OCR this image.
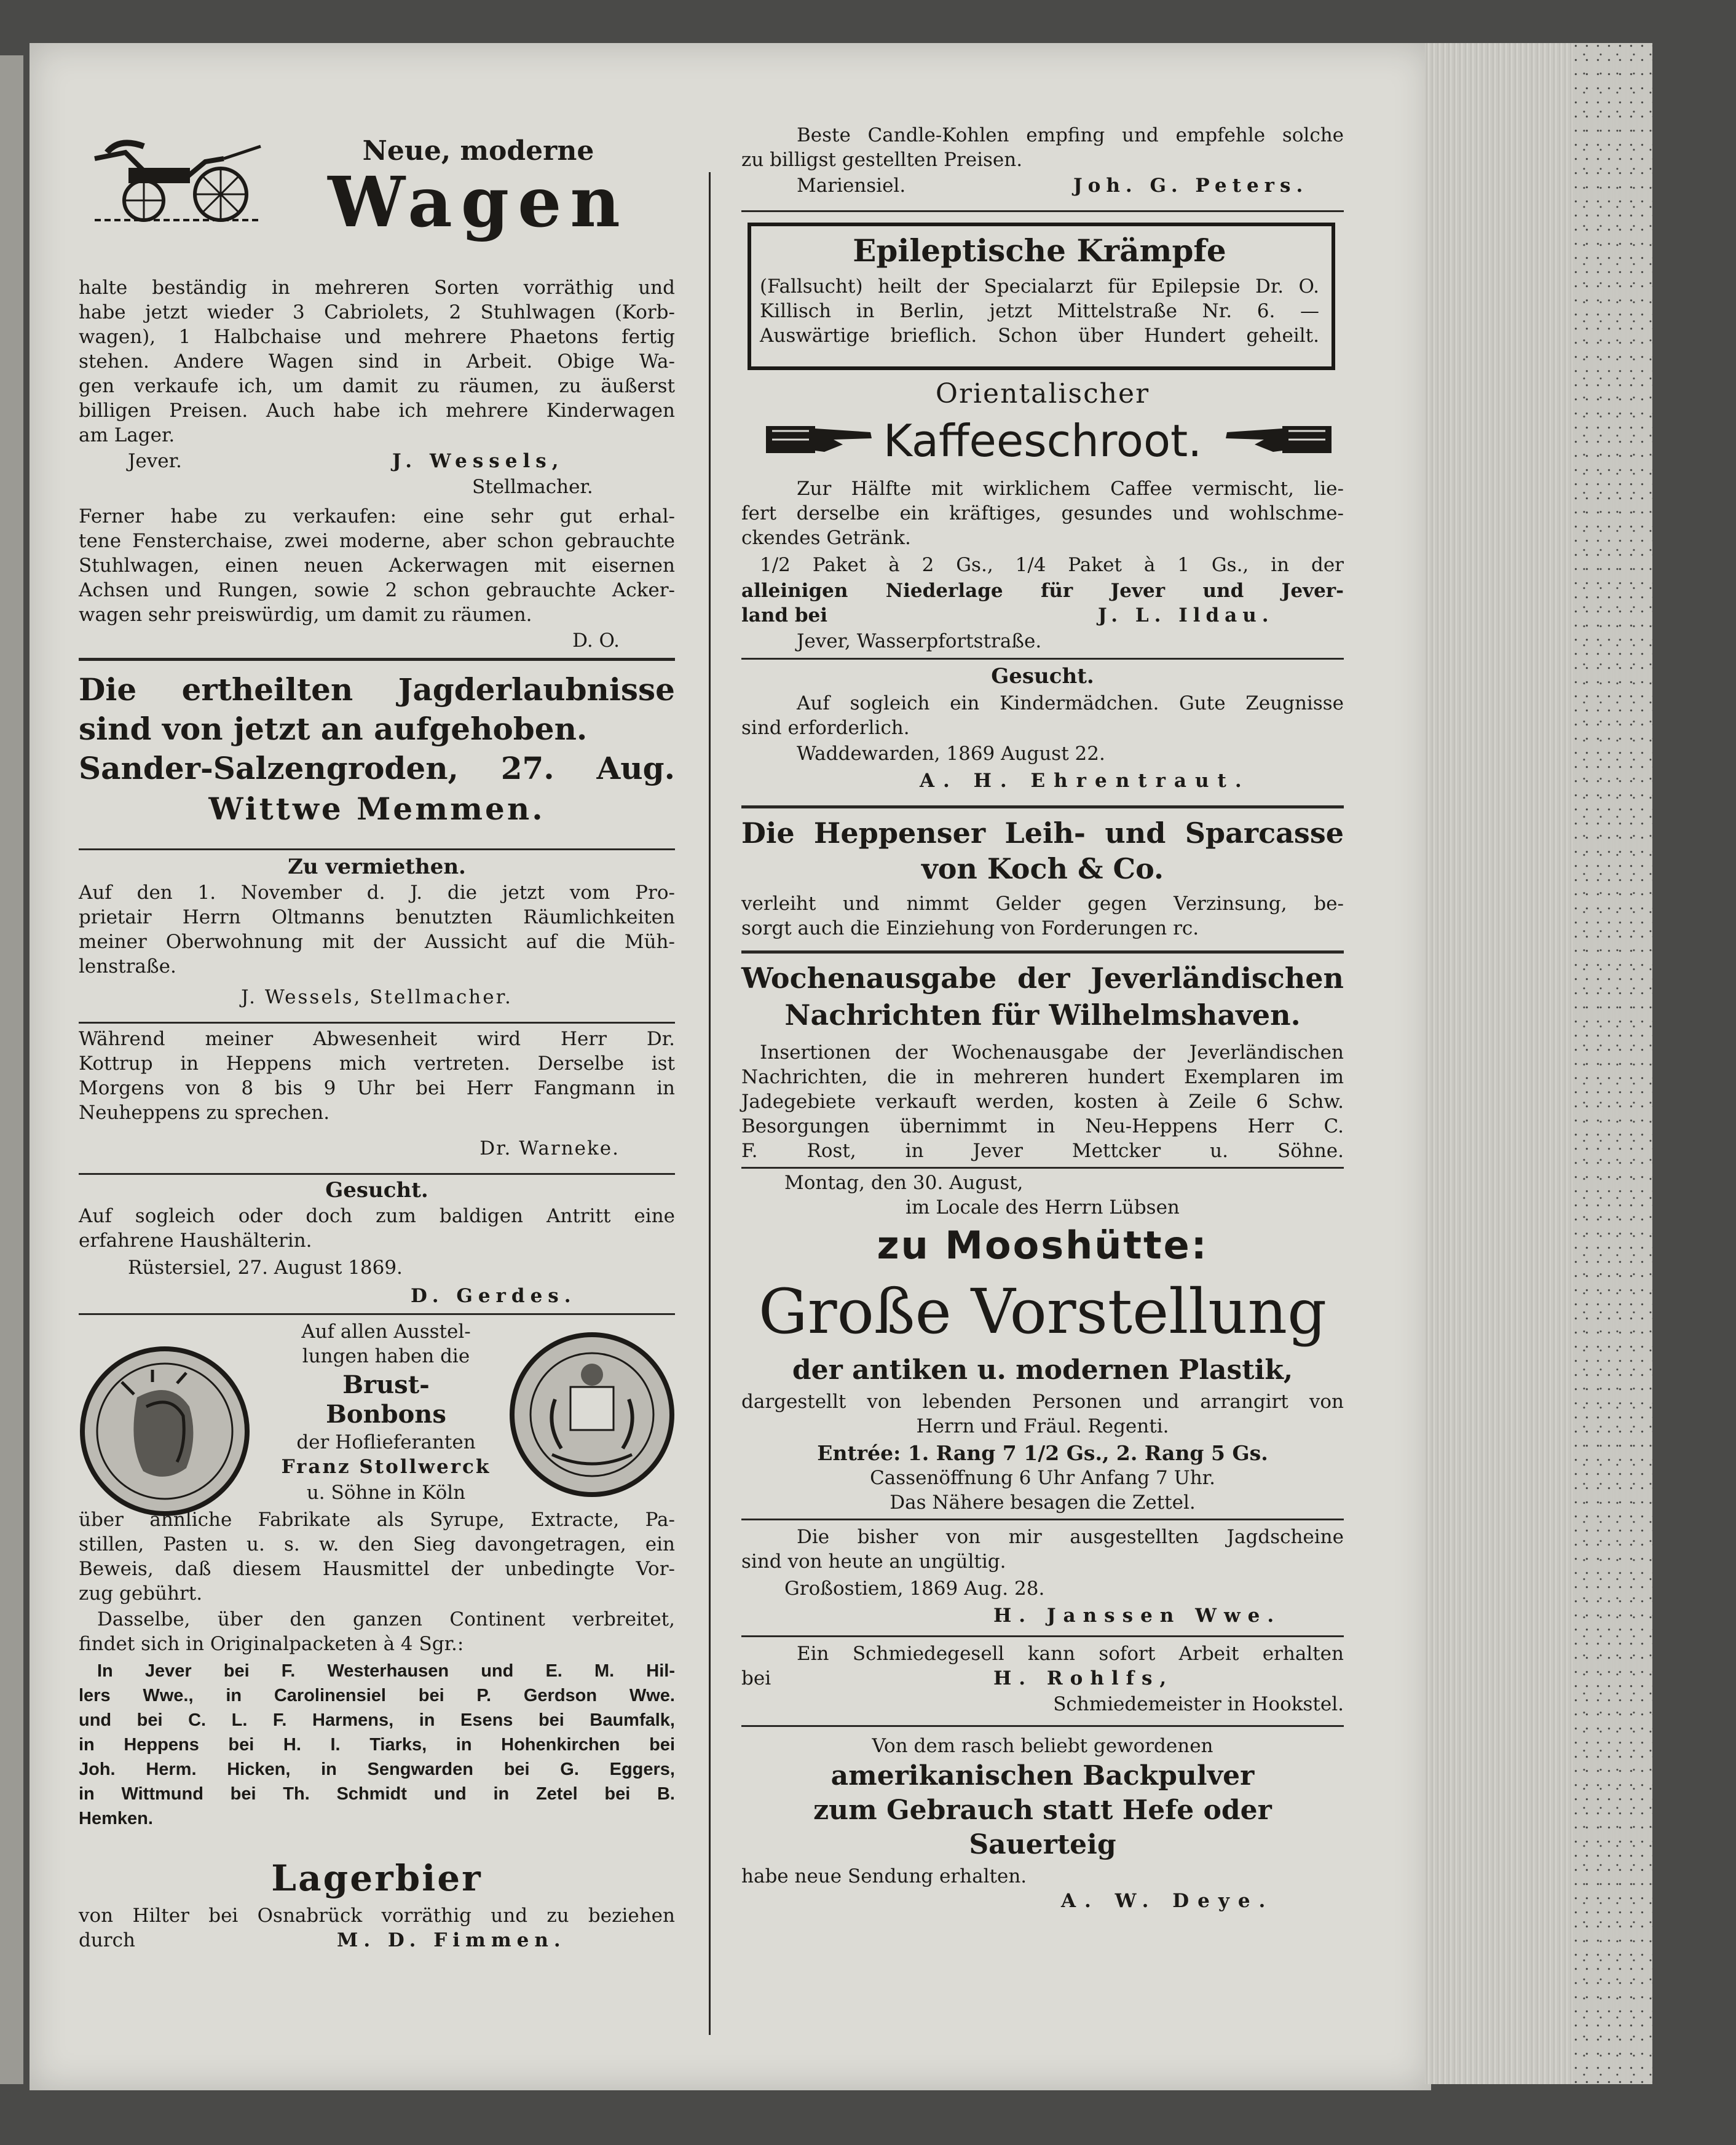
Neue, moderne
Wagen
halte beständig in mehreren Sorten vorräthig und
habe jetzt wieder 3 Cabriolets, 2 Stuhlwagen (Korb-
wagen), 1 Halbchaise und mehrere Phaetons fertig
stehen. Andere Wagen sind in Arbeit. Obige Wa-
gen verkaufe ich, um damit zu räumen, zu äußerst
billigen Preisen. Auch habe ich mehrere Kinderwagen
am Lager.
Jever.	J. Wessels,
Stellmacher.
Ferner habe zu verkaufen: eine sehr gut erhal-
tene Fensterchaise, zwei moderne, aber schon gebrauchte
Stuhlwagen, einen neuen Ackerwagen mit eisernen
Achsen und Rungen, sowie 2 schon gebrauchte Acker-
wagen sehr preiswürdig, um damit zu räumen.
D. O.
Die ertheilten Jagderlaubnisse
sind von jetzt an aufgehoben.
Sander-Salzengroden, 27. Aug.
Wittwe Memmen.
Zu vermiethen.
Auf den 1. November d. J. die jetzt vom Pro-
prietair Herrn Oltmanns benutzten Räumlichkeiten
meiner Oberwohnung mit der Aussicht auf die Müh-
lenstraße.
J. Wessels, Stellmacher.
Während meiner Abwesenheit wird Herr Dr.
Kottrup in Heppens mich vertreten. Derselbe ist
Morgens von 8 bis 9 Uhr bei Herr Fangmann in
Neuheppens zu sprechen.
Dr. Warneke.
Gesucht.
Auf sogleich oder doch zum baldigen Antritt eine
erfahrene Haushälterin.
Rüstersiel, 27. August 1869.
D. Gerdes.
Auf allen Ausstel-
lungen haben die
Brust-
Bonbons
der Hoflieferanten
Franz Stollwerck
u. Söhne in Köln
über ähnliche Fabrikate als Syrupe, Extracte, Pa-
stillen, Pasten u. s. w. den Sieg davongetragen, ein
Beweis, daß diesem Hausmittel der unbedingte Vor-
zug gebührt.
Dasselbe, über den ganzen Continent verbreitet,
findet sich in Originalpacketen à 4 Sgr.:
In Jever bei F. Westerhausen und E. M. Hil-
lers Wwe., in Carolinensiel bei P. Gerdson Wwe.
und bei C. L. F. Harmens, in Esens bei Baumfalk,
in Heppens bei H. I. Tiarks, in Hohenkirchen bei
Joh. Herm. Hicken, in Sengwarden bei G. Eggers,
in Wittmund bei Th. Schmidt und in Zetel bei B.
Hemken.
Lagerbier
von Hilter bei Osnabrück vorräthig und zu beziehen
durch	M. D. Fimmen.
Beste Candle-Kohlen empfing und empfehle solche
zu billigst gestellten Preisen.
Mariensiel.	Joh. G. Peters.
Epileptische Krämpfe
(Fallsucht) heilt der Specialarzt für Epilepsie Dr. O.
Killisch in Berlin, jetzt Mittelstraße Nr. 6. —
Auswärtige brieflich. Schon über Hundert geheilt.
Orientalischer
Kaffeeschroot.
Zur Hälfte mit wirklichem Caffee vermischt, lie-
fert derselbe ein kräftiges, gesundes und wohlschme-
ckendes Getränk.
1/2 Paket à 2 Gs., 1/4 Paket à 1 Gs., in der
alleinigen Niederlage für Jever und Jever-
land bei	J. L. Ildau.
Jever, Wasserpfortstraße.
Gesucht.
Auf sogleich ein Kindermädchen. Gute Zeugnisse
sind erforderlich.
Waddewarden, 1869 August 22.
A. H. Ehrentraut.
Die Heppenser Leih- und Sparcasse
von Koch & Co.
verleiht und nimmt Gelder gegen Verzinsung, be-
sorgt auch die Einziehung von Forderungen rc.
Wochenausgabe der Jeverländischen
Nachrichten für Wilhelmshaven.
Insertionen der Wochenausgabe der Jeverländischen
Nachrichten, die in mehreren hundert Exemplaren im
Jadegebiete verkauft werden, kosten à Zeile 6 Schw.
Besorgungen übernimmt in Neu-Heppens Herr C.
F. Rost, in Jever Mettcker u. Söhne.
Montag, den 30. August,
im Locale des Herrn Lübsen
zu Mooshütte:
Große Vorstellung
der antiken u. modernen Plastik,
dargestellt von lebenden Personen und arrangirt von
Herrn und Fräul. Regenti.
Entrée: 1. Rang 7 1/2 Gs., 2. Rang 5 Gs.
Cassenöffnung 6 Uhr Anfang 7 Uhr.
Das Nähere besagen die Zettel.
Die bisher von mir ausgestellten Jagdscheine
sind von heute an ungültig.
Großostiem, 1869 Aug. 28.
H. Janssen Wwe.
Ein Schmiedegesell kann sofort Arbeit erhalten
bei	H. Rohlfs,
Schmiedemeister in Hookstel.
Von dem rasch beliebt gewordenen
amerikanischen Backpulver
zum Gebrauch statt Hefe oder
Sauerteig
habe neue Sendung erhalten.
A. W. Deye.
